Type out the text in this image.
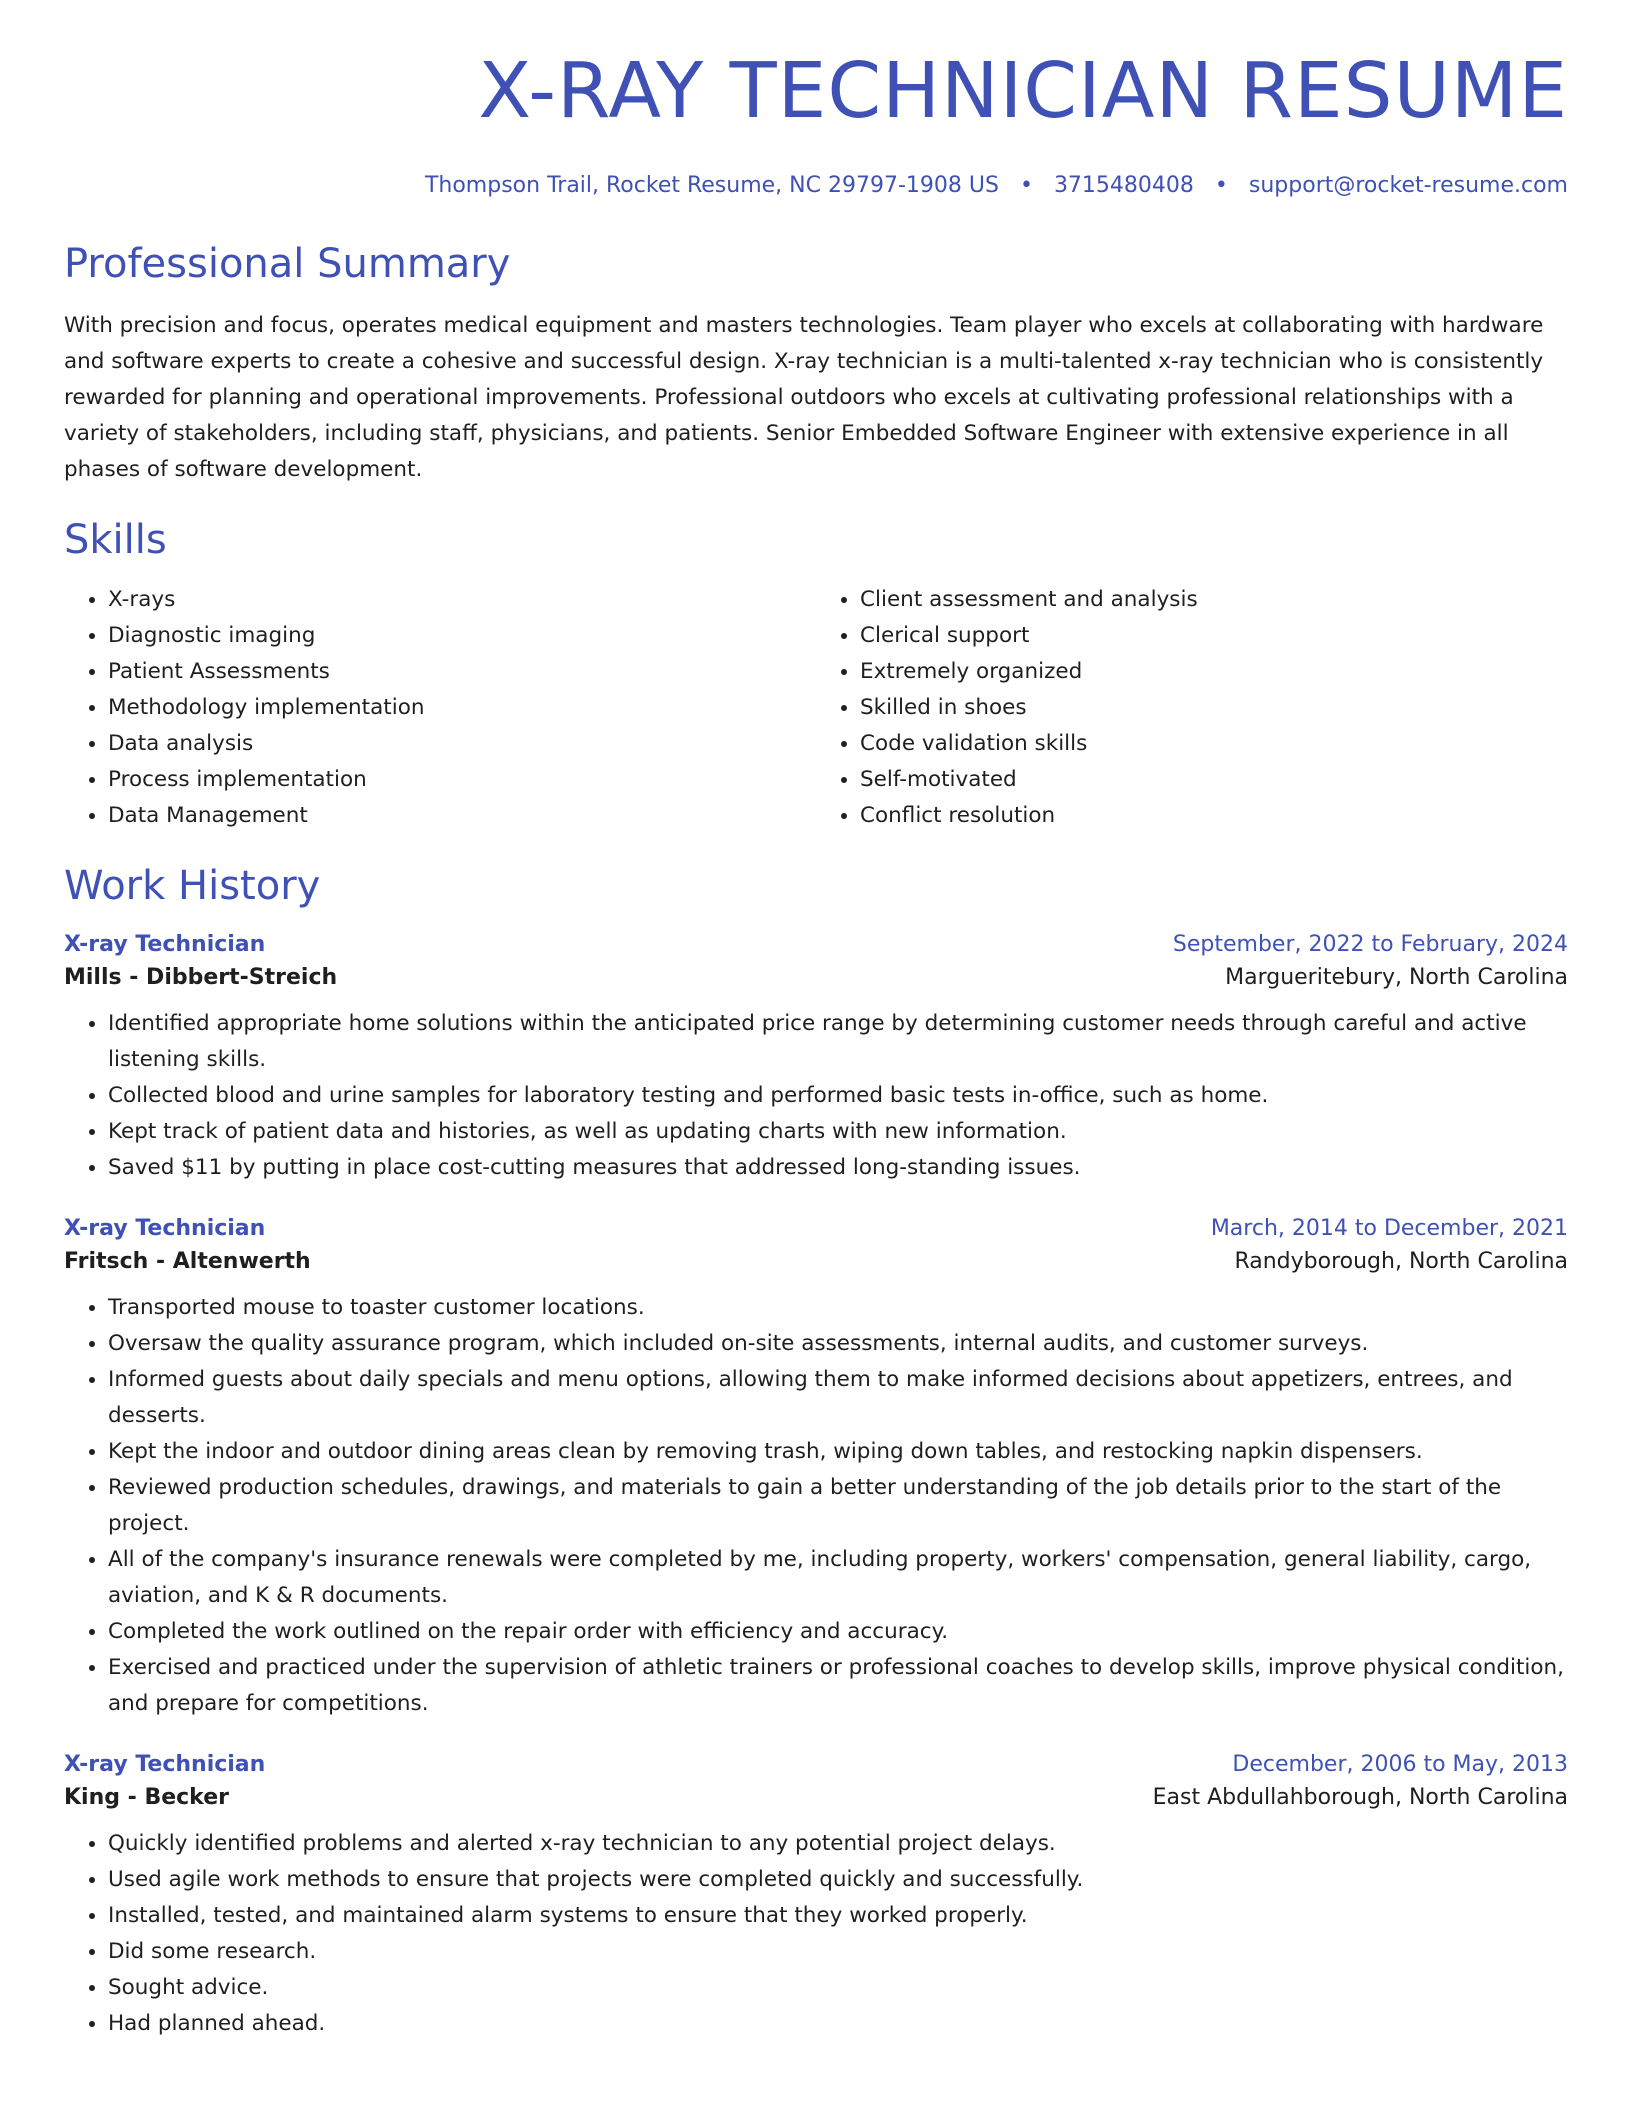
X-RAY TECHNICIAN RESUME
Thompson Trail, Rocket Resume, NC 29797-1908 US • 3715480408 • support@rocket-resume.com
Professional Summary

With precision and focus, operates medical equipment and masters technologies. Team player who excels at collaborating with hardware and software experts to create a cohesive and successful design. X-ray technician is a multi-talented x-ray technician who is consistently rewarded for planning and operational improvements. Professional outdoors who excels at cultivating professional relationships with a variety of stakeholders, including staff, physicians, and patients. Senior Embedded Software Engineer with extensive experience in all phases of software development.

Skills
• X-rays
• Diagnostic imaging
• Patient Assessments
• Methodology implementation
• Data analysis
• Process implementation
• Data Management
• Client assessment and analysis
• Clerical support
• Extremely organized
• Skilled in shoes
• Code validation skills
• Self-motivated
• Conflict resolution
Work History
X-ray Technician	September, 2022 to February, 2024
Mills - Dibbert-Streich	Margueritebury, North Carolina
• Identified appropriate home solutions within the anticipated price range by determining customer needs through careful and active listening skills.
• Collected blood and urine samples for laboratory testing and performed basic tests in-office, such as home.
• Kept track of patient data and histories, as well as updating charts with new information.
• Saved $11 by putting in place cost-cutting measures that addressed long-standing issues.
X-ray Technician	March, 2014 to December, 2021
Fritsch - Altenwerth	Randyborough, North Carolina
• Transported mouse to toaster customer locations.
• Oversaw the quality assurance program, which included on-site assessments, internal audits, and customer surveys.
• Informed guests about daily specials and menu options, allowing them to make informed decisions about appetizers, entrees, and desserts.
• Kept the indoor and outdoor dining areas clean by removing trash, wiping down tables, and restocking napkin dispensers.
• Reviewed production schedules, drawings, and materials to gain a better understanding of the job details prior to the start of the project.
• All of the company's insurance renewals were completed by me, including property, workers' compensation, general liability, cargo, aviation, and K & R documents.
• Completed the work outlined on the repair order with efficiency and accuracy.
• Exercised and practiced under the supervision of athletic trainers or professional coaches to develop skills, improve physical condition, and prepare for competitions.
X-ray Technician	December, 2006 to May, 2013
King - Becker	East Abdullahborough, North Carolina
• Quickly identified problems and alerted x-ray technician to any potential project delays.
• Used agile work methods to ensure that projects were completed quickly and successfully.
• Installed, tested, and maintained alarm systems to ensure that they worked properly.
• Did some research.
• Sought advice.
• Had planned ahead.
